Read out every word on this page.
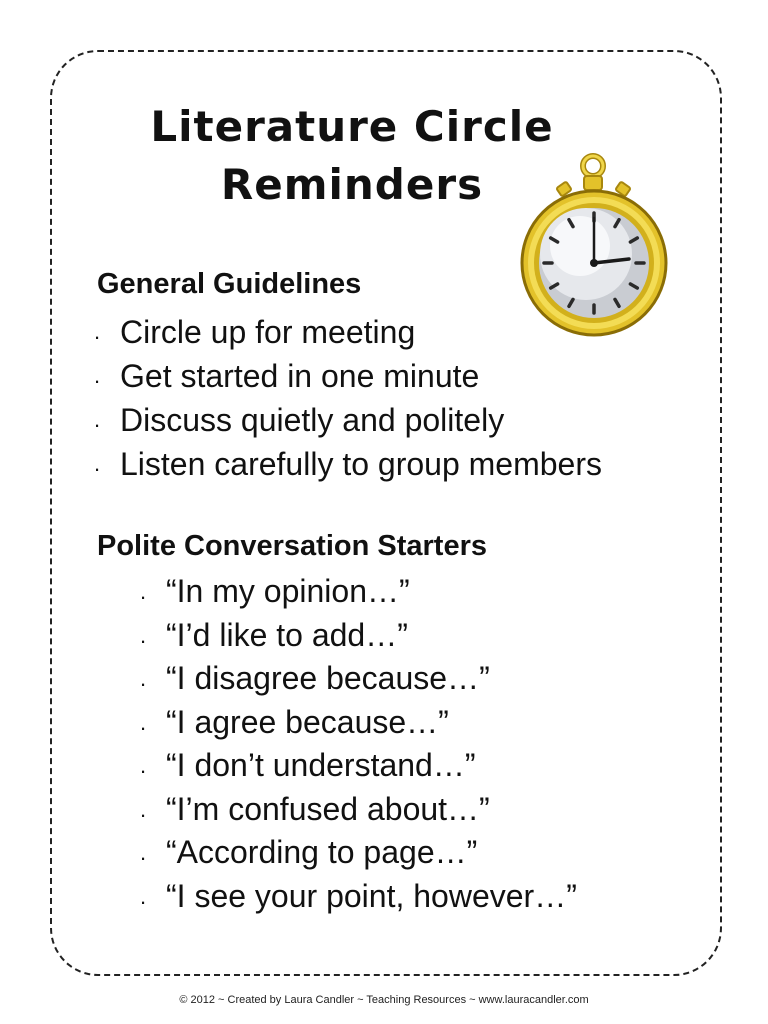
Literature Circle
Reminders
General Guidelines
. Circle up for meeting
. Get started in one minute
. Discuss quietly and politely
. Listen carefully to group members
Polite Conversation Starters
. “In my opinion…”
. “I’d like to add…”
. “I disagree because…”
. “I agree because…”
. “I don’t understand…”
. “I’m confused about…”
. “According to page…”
. “I see your point, however…”
© 2012 ~ Created by Laura Candler ~ Teaching Resources ~ www.lauracandler.com
